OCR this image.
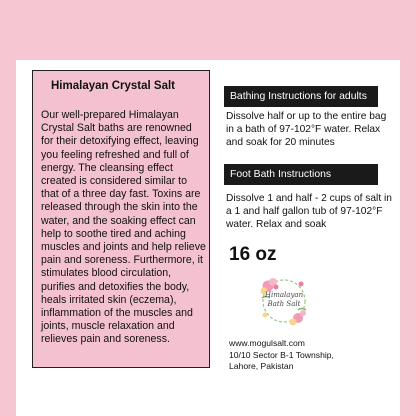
Himalayan Crystal Salt
Our well-prepared Himalayan Crystal Salt baths are renowned for their detoxifying effect, leaving you feeling refreshed and full of energy. The cleansing effect created is considered similar to that of a three day fast. Toxins are released through the skin into the water, and the soaking effect can help to soothe tired and aching muscles and joints and help relieve pain and soreness. Furthermore, it stimulates blood circulation, purifies and detoxifies the body, heals irritated skin (eczema), inflammation of the muscles and joints, muscle relaxation and relieves pain and soreness.
Bathing Instructions for adults
Dissolve half or up to the entire bag in a bath of 97-102°F water. Relax and soak for 20 minutes
Foot Bath Instructions
Dissolve 1 and half - 2 cups of salt in a 1 and half gallon tub of 97-102°F water. Relax and soak
16 oz
Himalayan
Bath Salt
www.mogulsalt.com
10/10 Sector B-1 Township,
Lahore, Pakistan
